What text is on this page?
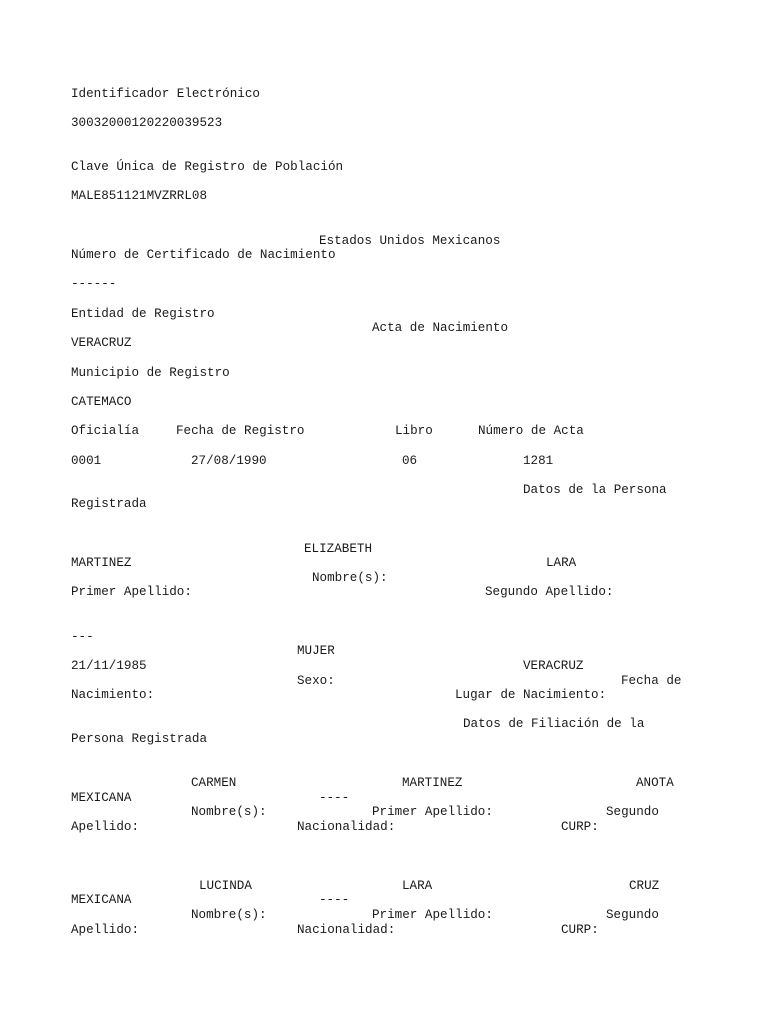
Identificador Electrónico
30032000120220039523
Clave Única de Registro de Población
MALE851121MVZRRL08
Estados Unidos Mexicanos
Número de Certificado de Nacimiento
------
Entidad de Registro
Acta de Nacimiento
VERACRUZ
Municipio de Registro
CATEMACO
Oficialía	Fecha de Registro	Libro	Número de Acta
0001	27/08/1990	06	1281
Datos de la Persona
Registrada
ELIZABETH
MARTINEZ	LARA
Nombre(s):
Primer Apellido:	Segundo Apellido:
---
MUJER
21/11/1985	VERACRUZ
Sexo:	Fecha de
Nacimiento:	Lugar de Nacimiento:
Datos de Filiación de la
Persona Registrada
CARMEN	MARTINEZ	ANOTA
MEXICANA	----
Nombre(s):	Primer Apellido:	Segundo
Apellido:	Nacionalidad:	CURP:
LUCINDA	LARA	CRUZ
MEXICANA	----
Nombre(s):	Primer Apellido:	Segundo
Apellido:	Nacionalidad:	CURP:
